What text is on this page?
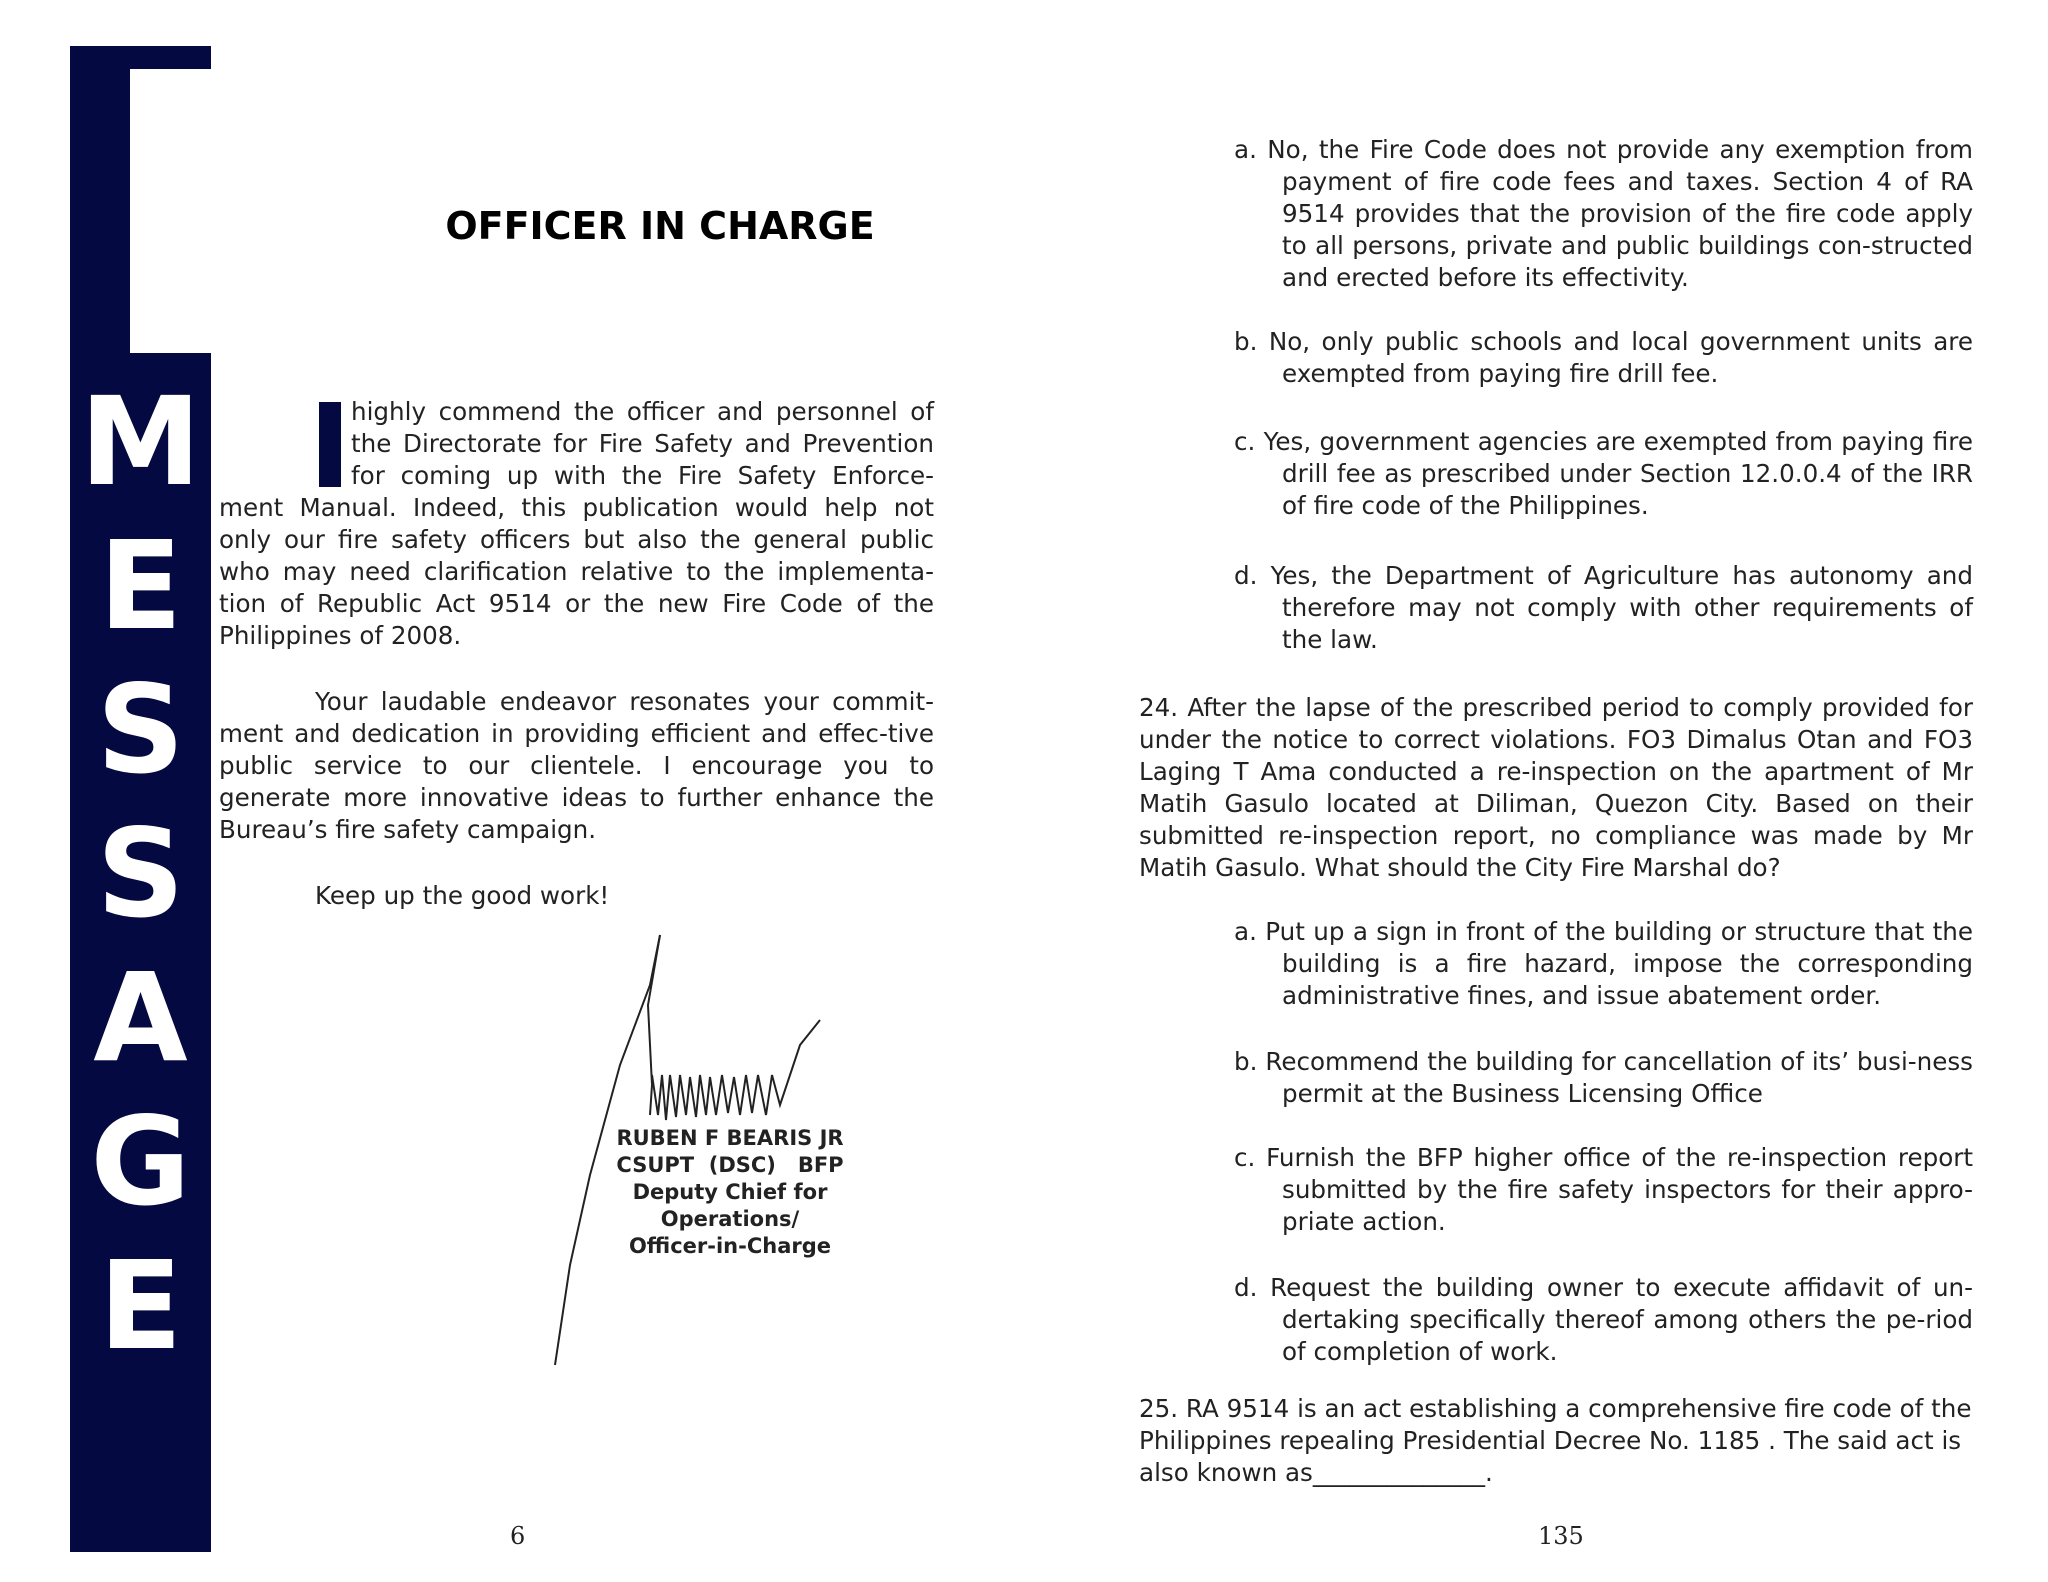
M
E
S
S
A
G
E
OFFICER IN CHARGE
highly commend the officer and personnel of the Directorate for Fire Safety and Prevention for coming up with the Fire Safety Enforce-ment Manual. Indeed, this publication would help not only our fire safety officers but also the general public who may need clarification relative to the implementa-tion of Republic Act 9514 or the new Fire Code of the Philippines of 2008.
Your laudable endeavor resonates your commit-ment and dedication in providing efficient and effec-tive public service to our clientele. I encourage you to generate more innovative ideas to further enhance the Bureau’s fire safety campaign.
Keep up the good work!
RUBEN F BEARIS JR
CSUPT  (DSC)   BFP
Deputy Chief for Operations/
Officer-in-Charge
6
a. No, the Fire Code does not provide any exemption from payment of fire code fees and taxes. Section 4 of RA 9514 provides that the provision of the fire code apply to all persons, private and public buildings con-structed and erected before its effectivity.
b. No, only public schools and local government units are exempted from paying fire drill fee.
c. Yes, government agencies are exempted from paying fire drill fee as prescribed under Section 12.0.0.4 of the IRR of fire code of the Philippines.
d. Yes, the Department of Agriculture has autonomy and therefore may not comply with other requirements of the law.
24. After the lapse of the prescribed period to comply provided for under the notice to correct violations. FO3 Dimalus Otan and FO3 Laging T Ama conducted a re-inspection on the apartment of Mr Matih Gasulo located at Diliman, Quezon City. Based on their submitted re-inspection report, no compliance was made by Mr Matih Gasulo. What should the City Fire Marshal do?
a. Put up a sign in front of the building or structure that the building is a fire hazard, impose the corresponding administrative fines, and issue abatement order.
b. Recommend the building for cancellation of its’ busi-ness permit at the Business Licensing Office
c. Furnish the BFP higher office of the re-inspection report submitted by the fire safety inspectors for their appro-priate action.
d. Request the building owner to execute affidavit of un-dertaking specifically thereof among others the pe-riod of completion of work.
25. RA 9514 is an act establishing a comprehensive fire code of the Philippines repealing Presidential Decree No. 1185 . The said act is also known as______________.
135
